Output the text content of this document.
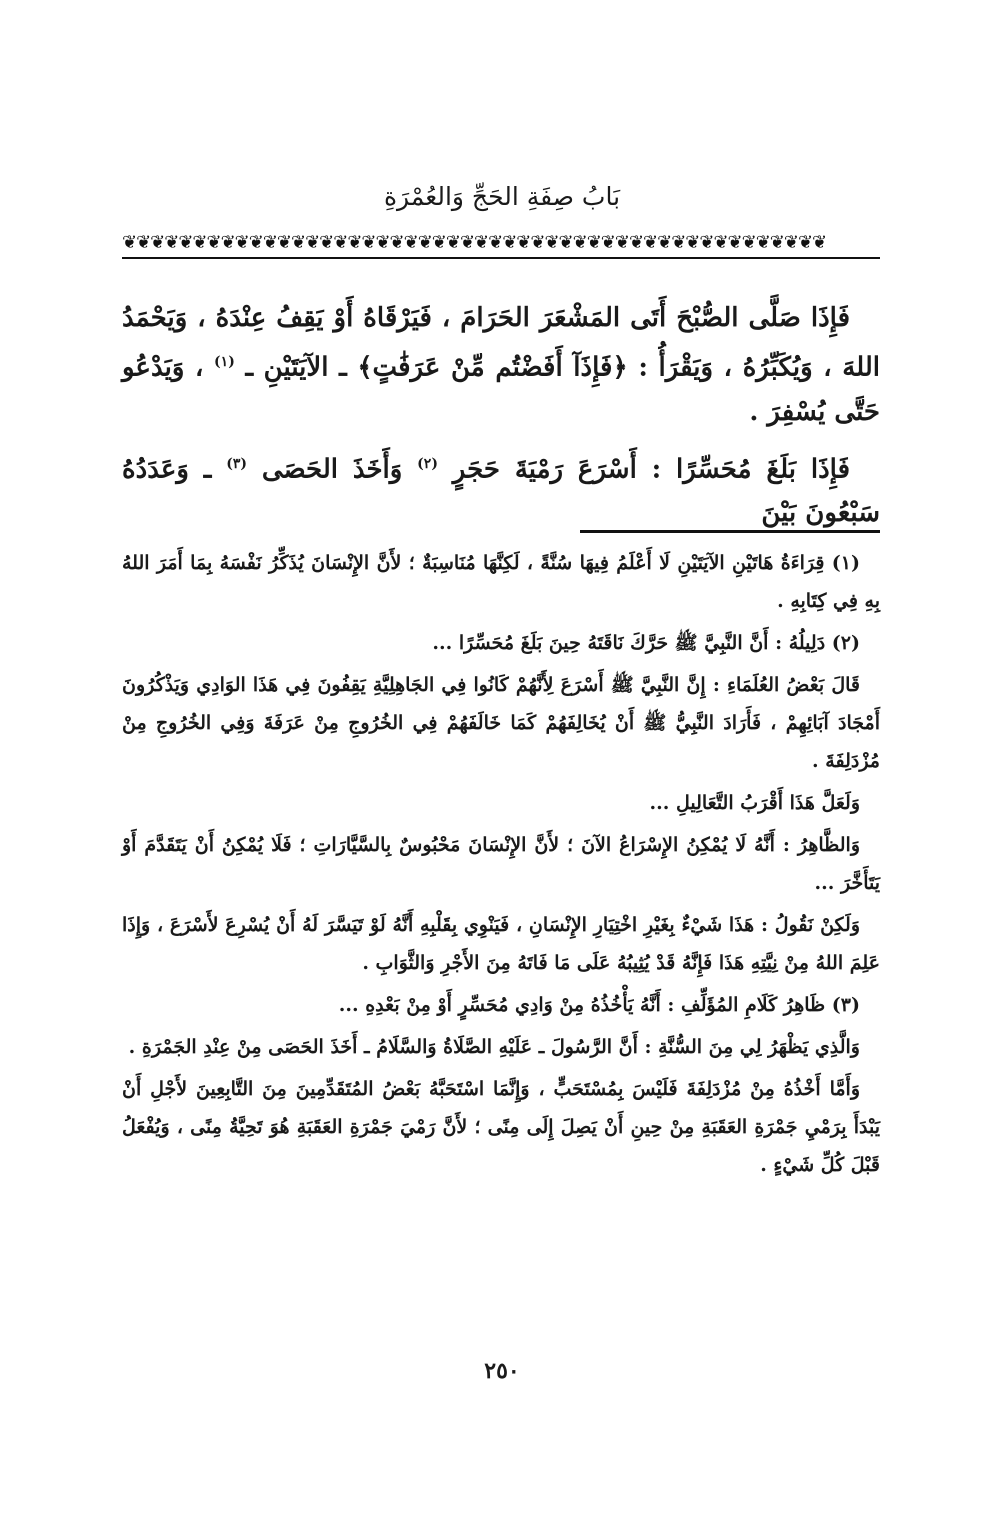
بَابُ صِفَةِ الحَجِّ وَالعُمْرَةِ
❦❦❦❦❦❦❦❦❦❦❦❦❦❦❦❦❦❦❦❦❦❦❦❦❦❦❦❦❦❦❦❦❦❦❦❦❦❦❦❦❦❦❦❦❦❦❦❦❦❦

فَإِذَا صَلَّى الصُّبْحَ أَتَى المَشْعَرَ الحَرَامَ ، فَيَرْقَاهُ أَوْ يَقِفُ عِنْدَهُ ، وَيَحْمَدُ اللهَ ، وَيُكَبِّرُهُ ، وَيَقْرَأُ : ﴿فَإِذَآ أَفَضْتُم مِّنْ عَرَفَٰتٍ﴾ ـ الآيَتَيْنِ ـ $^{(١)}$ ، وَيَدْعُو حَتَّى يُسْفِرَ .

فَإِذَا بَلَغَ مُحَسِّرًا : أَسْرَعَ رَمْيَةَ حَجَرٍ $^{(٢)}$ وَأَخَذَ الحَصَى $^{(٣)}$ ـ وَعَدَدُهُ سَبْعُونَ بَيْنَ

(١) قِرَاءَةُ هَاتَيْنِ الآيَتَيْنِ لَا أَعْلَمُ فِيهَا سُنَّةً ، لَكِنَّهَا مُنَاسِبَةٌ ؛ لأَنَّ الإِنْسَانَ يُذَكِّرُ نَفْسَهُ بِمَا أَمَرَ اللهُ بِهِ فِي كِتَابِهِ .

(٢) دَلِيلُهُ : أَنَّ النَّبِيَّ ﷺ حَرَّكَ نَاقَتَهُ حِينَ بَلَغَ مُحَسِّرًا ...

قَالَ بَعْضُ العُلَمَاءِ : إِنَّ النَّبِيَّ ﷺ أَسْرَعَ لِأَنَّهُمْ كَانُوا فِي الجَاهِلِيَّةِ يَقِفُونَ فِي هَذَا الوَادِي وَيَذْكُرُونَ أَمْجَادَ آبَائِهِمْ ، فَأَرَادَ النَّبِيُّ ﷺ أَنْ يُخَالِفَهُمْ كَمَا خَالَفَهُمْ فِي الخُرُوجِ مِنْ عَرَفَةَ وَفِي الخُرُوجِ مِنْ مُزْدَلِفَةَ .

وَلَعَلَّ هَذَا أَقْرَبُ التَّعَالِيلِ ...

وَالظَّاهِرُ : أَنَّهُ لَا يُمْكِنُ الإِسْرَاعُ الآنَ ؛ لأَنَّ الإِنْسَانَ مَحْبُوسٌ بِالسَّيَّارَاتِ ؛ فَلَا يُمْكِنُ أَنْ يَتَقَدَّمَ أَوْ يَتَأَخَّرَ ...

وَلَكِنْ نَقُولُ : هَذَا شَيْءٌ بِغَيْرِ اخْتِيَارِ الإِنْسَانِ ، فَيَنْوِي بِقَلْبِهِ أَنَّهُ لَوْ تَيَسَّرَ لَهُ أَنْ يُسْرِعَ لأَسْرَعَ ، وَإِذَا عَلِمَ اللهُ مِنْ نِيَّتِهِ هَذَا فَإِنَّهُ قَدْ يُثِيبُهُ عَلَى مَا فَاتَهُ مِنَ الأَجْرِ وَالثَّوَابِ .

(٣) ظَاهِرُ كَلَامِ المُؤَلِّفِ : أَنَّهُ يَأْخُذُهُ مِنْ وَادِي مُحَسِّرٍ أَوْ مِنْ بَعْدِهِ ...

وَالَّذِي يَظْهَرُ لِي مِنَ السُّنَّةِ : أَنَّ الرَّسُولَ ـ عَلَيْهِ الصَّلَاةُ وَالسَّلَامُ ـ أَخَذَ الحَصَى مِنْ عِنْدِ الجَمْرَةِ .

وَأَمَّا أَخْذُهُ مِنْ مُزْدَلِفَةَ فَلَيْسَ بِمُسْتَحَبٍّ ، وَإِنَّمَا اسْتَحَبَّهُ بَعْضُ المُتَقَدِّمِينَ مِنَ التَّابِعِينَ لأَجْلِ أَنْ يَبْدَأَ بِرَمْيِ جَمْرَةِ العَقَبَةِ مِنْ حِينِ أَنْ يَصِلَ إِلَى مِنًى ؛ لأَنَّ رَمْيَ جَمْرَةِ العَقَبَةِ هُوَ تَحِيَّةُ مِنًى ، وَيُفْعَلُ قَبْلَ كُلِّ شَيْءٍ .

٢٥٠
